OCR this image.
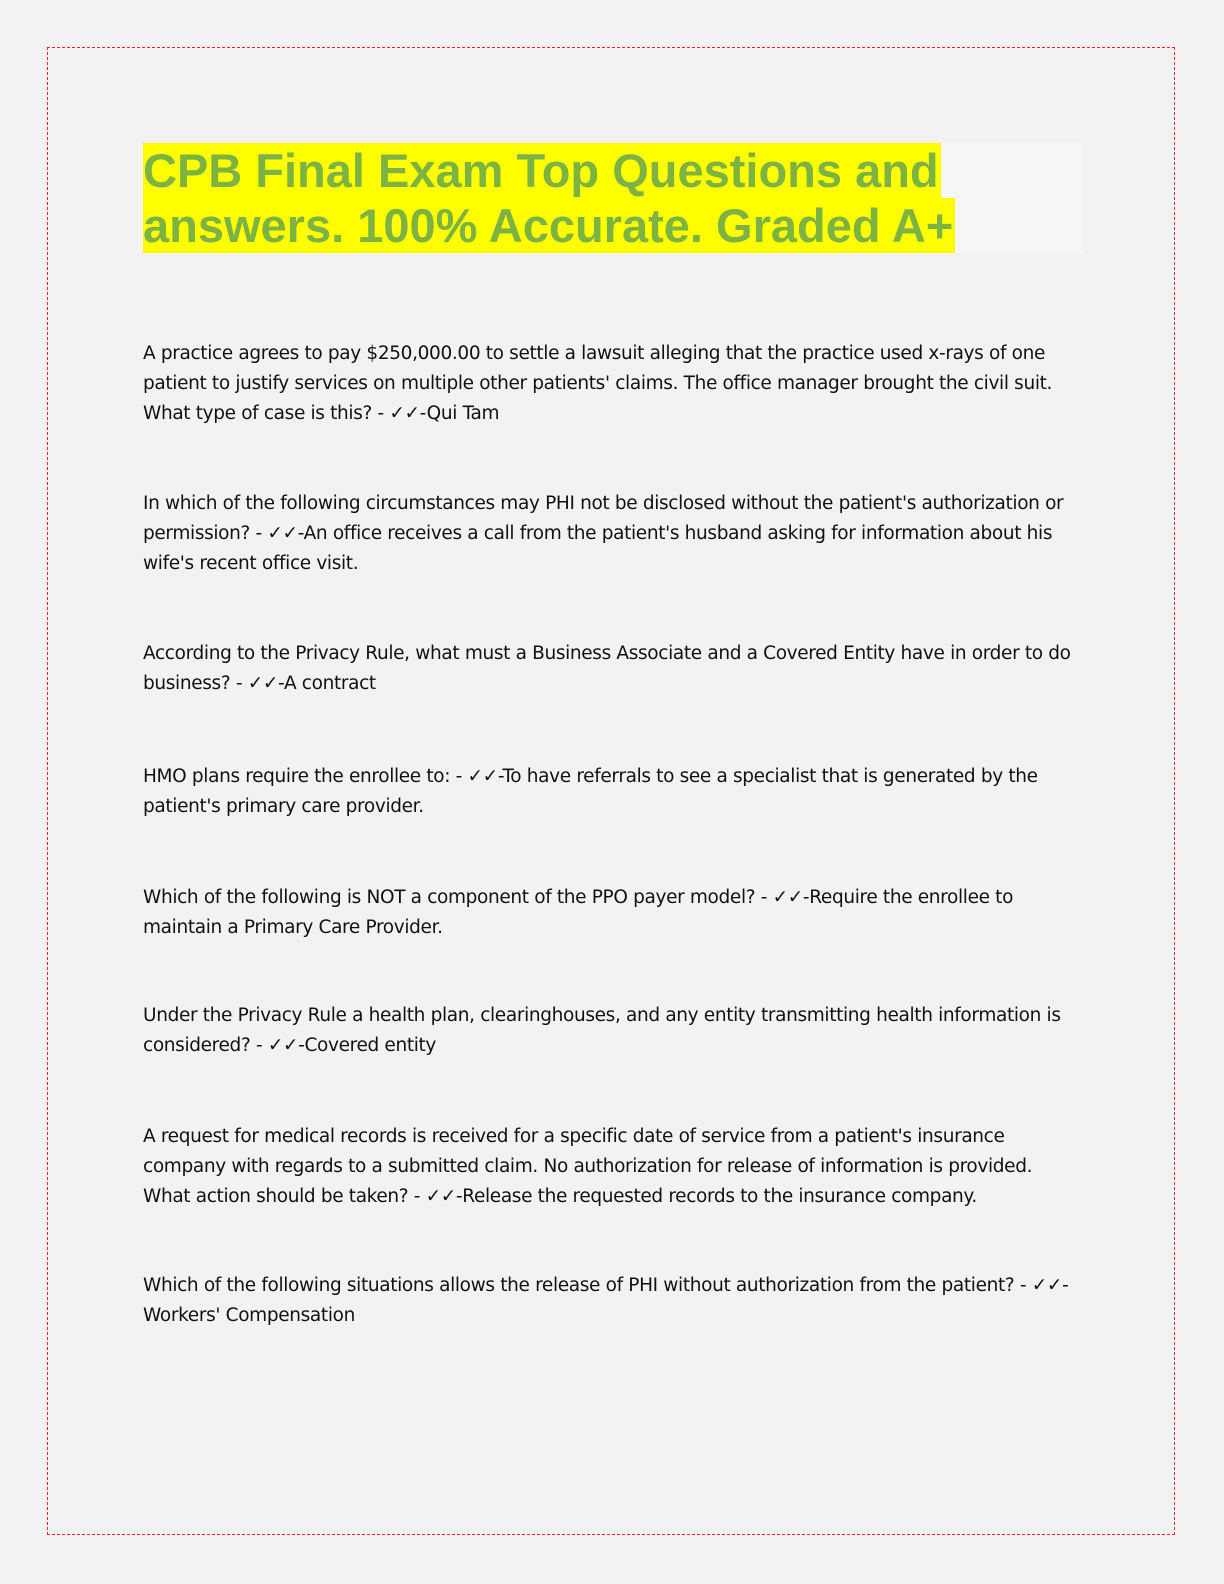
CPB Final Exam Top Questions and
answers. 100% Accurate. Graded A+
A practice agrees to pay $250,000.00 to settle a lawsuit alleging that the practice used x-rays of one patient to justify services on multiple other patients' claims. The office manager brought the civil suit. What type of case is this? - ✓✓-Qui Tam
In which of the following circumstances may PHI not be disclosed without the patient's authorization or permission? - ✓✓-An office receives a call from the patient's husband asking for information about his wife's recent office visit.
According to the Privacy Rule, what must a Business Associate and a Covered Entity have in order to do business? - ✓✓-A contract
HMO plans require the enrollee to: - ✓✓-To have referrals to see a specialist that is generated by the patient's primary care provider.
Which of the following is NOT a component of the PPO payer model? - ✓✓-Require the enrollee to maintain a Primary Care Provider.
Under the Privacy Rule a health plan, clearinghouses, and any entity transmitting health information is considered? - ✓✓-Covered entity
A request for medical records is received for a specific date of service from a patient's insurance company with regards to a submitted claim. No authorization for release of information is provided. What action should be taken? - ✓✓-Release the requested records to the insurance company.
Which of the following situations allows the release of PHI without authorization from the patient? - ✓✓-Workers' Compensation
